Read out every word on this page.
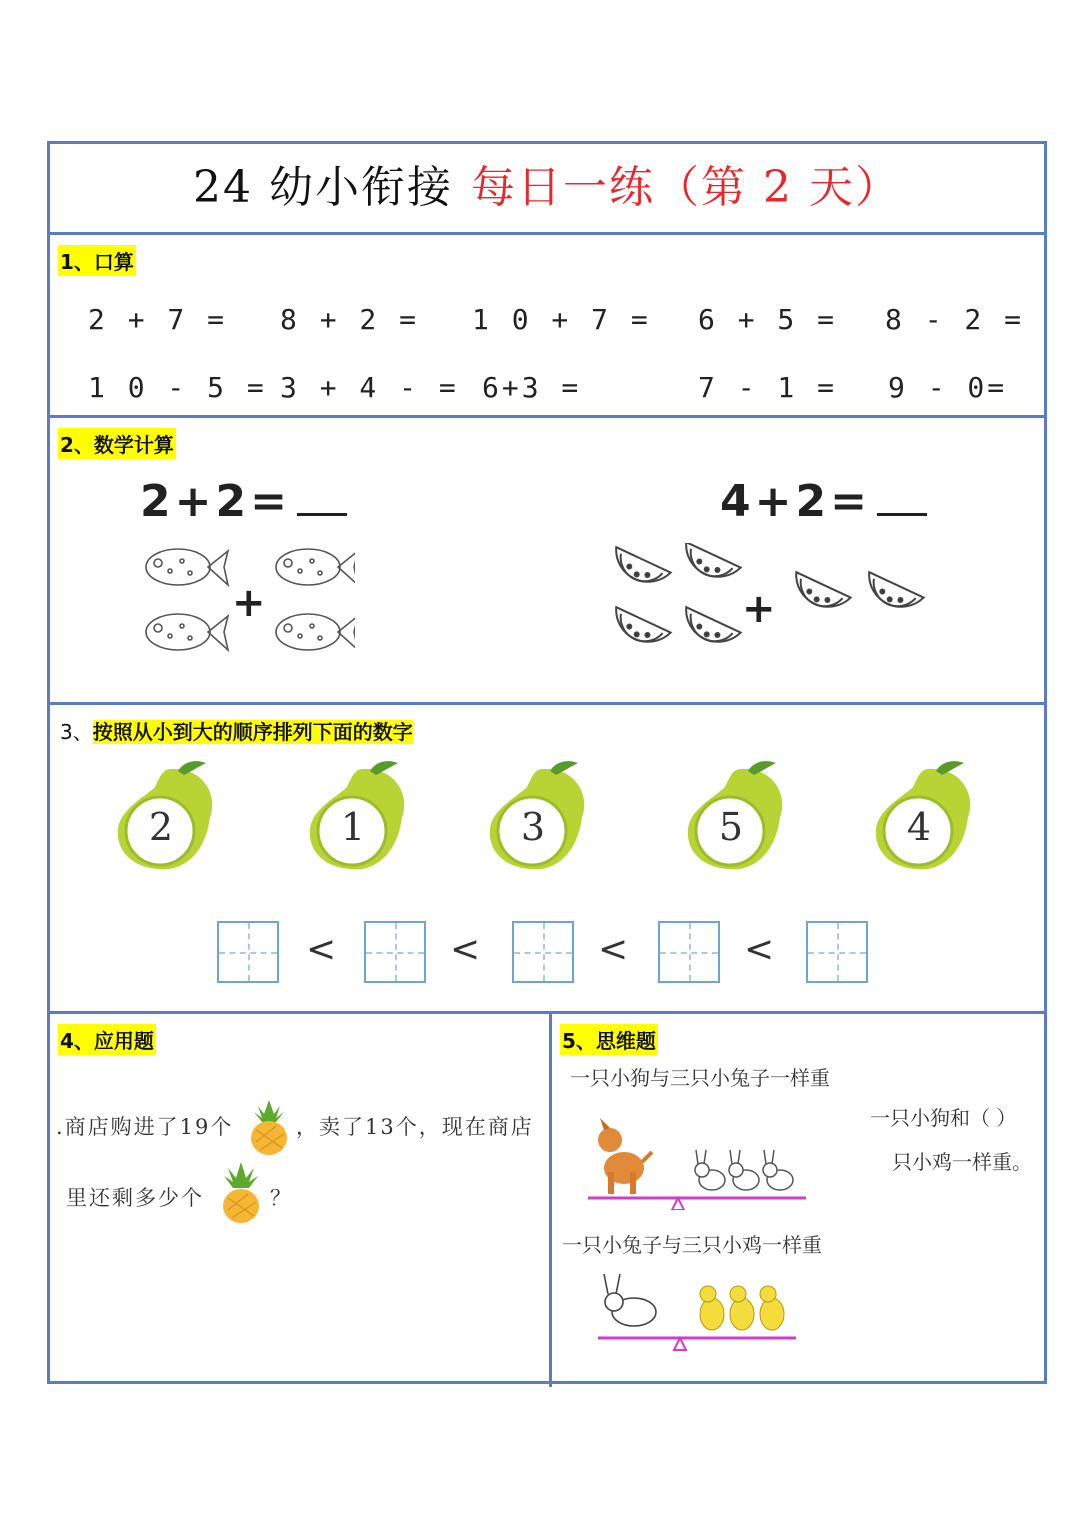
24 幼小衔接 每日一练（第 2 天）
1、口算
2 + 7 = 8 + 2 = 1 0 + 7 = 6 + 5 = 8 - 2 =
1 0 - 5 = 3 + 4 - = 6+3 =	7 - 1 = 9 - 0=
2、数学计算
2+2=	4+2=
+	+
3、按照从小到大的顺序排列下面的数字
2	1	3	5	4
<	<	<	<
4、应用题
.商店购进了19个	，卖了13个，现在商店
里还剩多少个	？
5、思维题
一只小狗与三只小兔子一样重
一只小兔子与三只小鸡一样重
一只小狗和（ ）
只小鸡一样重。
